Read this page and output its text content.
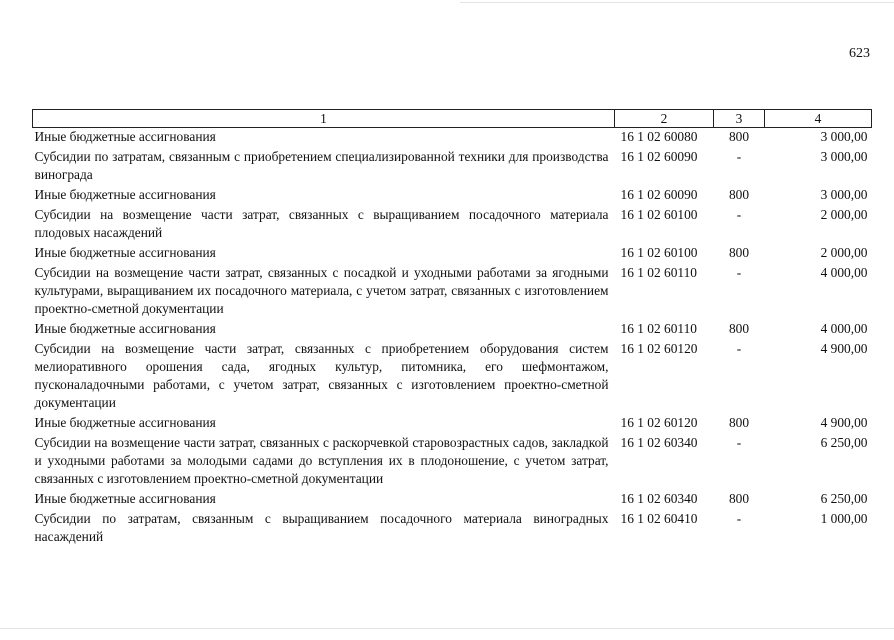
623
1	2	3	4
Иные бюджетные ассигнования	16 1 02 60080	800	3 000,00
Субсидии по затратам, связанным с приобретением специализированной техники для производства винограда	16 1 02 60090	-	3 000,00
Иные бюджетные ассигнования	16 1 02 60090	800	3 000,00
Субсидии на возмещение части затрат, связанных с выращиванием посадочного материала плодовых насаждений	16 1 02 60100	-	2 000,00
Иные бюджетные ассигнования	16 1 02 60100	800	2 000,00
Субсидии на возмещение части затрат, связанных с посадкой и уходными работами за ягодными культурами, выращиванием их посадочного материала, с учетом затрат, связанных с изготовлением проектно-сметной документации	16 1 02 60110	-	4 000,00
Иные бюджетные ассигнования	16 1 02 60110	800	4 000,00
Субсидии на возмещение части затрат, связанных с приобретением оборудования систем мелиоративного орошения сада, ягодных культур, питомника, его шефмонтажом, пусконаладочными работами, с учетом затрат, связанных с изготовлением проектно-сметной документации	16 1 02 60120	-	4 900,00
Иные бюджетные ассигнования	16 1 02 60120	800	4 900,00
Субсидии на возмещение части затрат, связанных с раскорчевкой старовозрастных садов, закладкой и уходными работами за молодыми садами до вступления их в плодоношение, с учетом затрат, связанных с изготовлением проектно-сметной документации	16 1 02 60340	-	6 250,00
Иные бюджетные ассигнования	16 1 02 60340	800	6 250,00
Субсидии по затратам, связанным с выращиванием посадочного материала виноградных насаждений	16 1 02 60410	-	1 000,00
